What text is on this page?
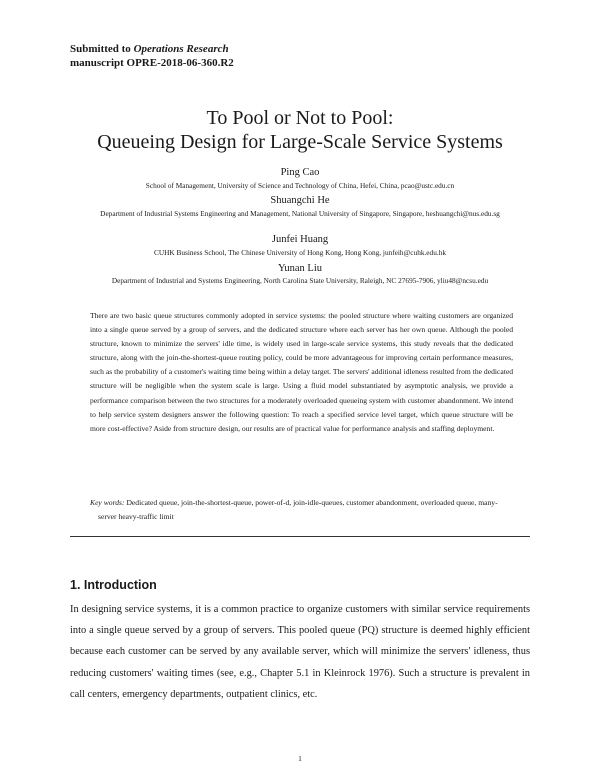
Submitted to Operations Research
manuscript OPRE-2018-06-360.R2
To Pool or Not to Pool:
Queueing Design for Large-Scale Service Systems
Ping Cao
School of Management, University of Science and Technology of China, Hefei, China, pcao@ustc.edu.cn
Shuangchi He
Department of Industrial Systems Engineering and Management, National University of Singapore, Singapore, heshuangchi@nus.edu.sg
Junfei Huang
CUHK Business School, The Chinese University of Hong Kong, Hong Kong, junfeih@cuhk.edu.hk
Yunan Liu
Department of Industrial and Systems Engineering, North Carolina State University, Raleigh, NC 27695-7906, yliu48@ncsu.edu

There are two basic queue structures commonly adopted in service systems: the pooled structure where waiting customers are organized into a single queue served by a group of servers, and the dedicated structure where each server has her own queue. Although the pooled structure, known to minimize the servers' idle time, is widely used in large-scale service systems, this study reveals that the dedicated structure, along with the join-the-shortest-queue routing policy, could be more advantageous for improving certain performance measures, such as the probability of a customer's waiting time being within a delay target. The servers' additional idleness resulted from the dedicated structure will be negligible when the system scale is large. Using a fluid model substantiated by asymptotic analysis, we provide a performance comparison between the two structures for a moderately overloaded queueing system with customer abandonment. We intend to help service system designers answer the following question: To reach a specified service level target, which queue structure will be more cost-effective? Aside from structure design, our results are of practical value for performance analysis and staffing deployment.

Key words: Dedicated queue, join-the-shortest-queue, power-of-d, join-idle-queues, customer abandonment, overloaded queue, many-server heavy-traffic limit

1. Introduction

In designing service systems, it is a common practice to organize customers with similar service requirements into a single queue served by a group of servers. This pooled queue (PQ) structure is deemed highly efficient because each customer can be served by any available server, which will minimize the servers' idleness, thus reducing customers' waiting times (see, e.g., Chapter 5.1 in Kleinrock 1976). Such a structure is prevalent in call centers, emergency departments, outpatient clinics, etc.

1
